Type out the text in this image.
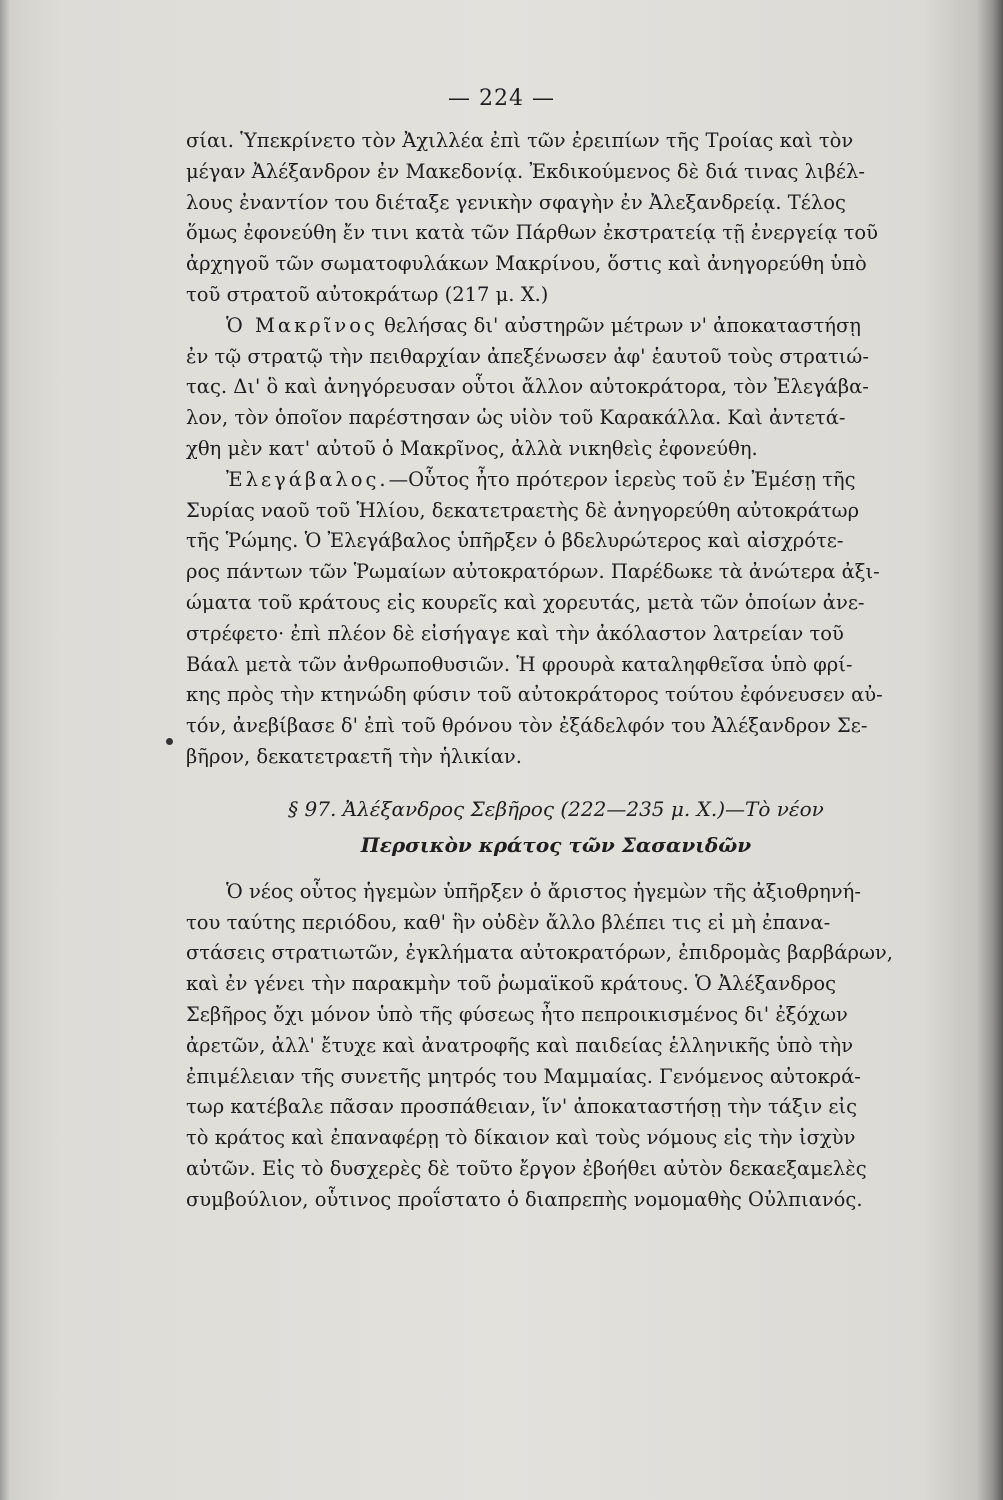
— 224 —
σίαι. Ὑπεκρίνετο τὸν Ἀχιλλέα ἐπὶ τῶν ἐρειπίων τῆς Τροίας καὶ τὸν
μέγαν Ἀλέξανδρον ἐν Μακεδονίᾳ. Ἐκδικούμενος δὲ διά τινας λιβέλ-
λους ἐναντίον του διέταξε γενικὴν σφαγὴν ἐν Ἀλεξανδρείᾳ. Τέλος
ὅμως ἐφονεύθη ἔν τινι κατὰ τῶν Πάρθων ἐκστρατείᾳ τῇ ἐνεργείᾳ τοῦ
ἀρχηγοῦ τῶν σωματοφυλάκων Μακρίνου, ὅστις καὶ ἀνηγορεύθη ὑπὸ
τοῦ στρατοῦ αὐτοκράτωρ (217 μ. Χ.)
Ὁ Μακρῖνος θελήσας δι' αὐστηρῶν μέτρων ν' ἀποκαταστήσῃ
ἐν τῷ στρατῷ τὴν πειθαρχίαν ἀπεξένωσεν ἀφ' ἑαυτοῦ τοὺς στρατιώ-
τας. Δι' ὃ καὶ ἀνηγόρευσαν οὗτοι ἄλλον αὐτοκράτορα, τὸν Ἐλεγάβα-
λον, τὸν ὁποῖον παρέστησαν ὡς υἱὸν τοῦ Καρακάλλα. Καὶ ἀντετά-
χθη μὲν κατ' αὐτοῦ ὁ Μακρῖνος, ἀλλὰ νικηθεὶς ἐφονεύθη.
Ἐλεγάβαλος.—Οὗτος ἦτο πρότερον ἱερεὺς τοῦ ἐν Ἐμέσῃ τῆς
Συρίας ναοῦ τοῦ Ἡλίου, δεκατετραετὴς δὲ ἀνηγορεύθη αὐτοκράτωρ
τῆς Ῥώμης. Ὁ Ἐλεγάβαλος ὑπῆρξεν ὁ βδελυρώτερος καὶ αἰσχρότε-
ρος πάντων τῶν Ῥωμαίων αὐτοκρατόρων. Παρέδωκε τὰ ἀνώτερα ἀξι-
ώματα τοῦ κράτους εἰς κουρεῖς καὶ χορευτάς, μετὰ τῶν ὁποίων ἀνε-
στρέφετο· ἐπὶ πλέον δὲ εἰσήγαγε καὶ τὴν ἀκόλαστον λατρείαν τοῦ
Βάαλ μετὰ τῶν ἀνθρωποθυσιῶν. Ἡ φρουρὰ καταληφθεῖσα ὑπὸ φρί-
κης πρὸς τὴν κτηνώδη φύσιν τοῦ αὐτοκράτορος τούτου ἐφόνευσεν αὐ-
τόν, ἀνεβίβασε δ' ἐπὶ τοῦ θρόνου τὸν ἐξάδελφόν του Ἀλέξανδρον Σε-
βῆρον, δεκατετραετῆ τὴν ἡλικίαν.
§ 97. Ἀλέξανδρος Σεβῆρος (222—235 μ. Χ.)—Τὸ νέον
Περσικὸν κράτος τῶν Σασανιδῶν
Ὁ νέος οὗτος ἡγεμὼν ὑπῆρξεν ὁ ἄριστος ἡγεμὼν τῆς ἀξιοθρηνή-
του ταύτης περιόδου, καθ' ἣν οὐδὲν ἄλλο βλέπει τις εἰ μὴ ἐπανα-
στάσεις στρατιωτῶν, ἐγκλήματα αὐτοκρατόρων, ἐπιδρομὰς βαρβάρων,
καὶ ἐν γένει τὴν παρακμὴν τοῦ ῥωμαϊκοῦ κράτους. Ὁ Ἀλέξανδρος
Σεβῆρος ὄχι μόνον ὑπὸ τῆς φύσεως ἦτο πεπροικισμένος δι' ἐξόχων
ἀρετῶν, ἀλλ' ἔτυχε καὶ ἀνατροφῆς καὶ παιδείας ἑλληνικῆς ὑπὸ τὴν
ἐπιμέλειαν τῆς συνετῆς μητρός του Μαμμαίας. Γενόμενος αὐτοκρά-
τωρ κατέβαλε πᾶσαν προσπάθειαν, ἵν' ἀποκαταστήσῃ τὴν τάξιν εἰς
τὸ κράτος καὶ ἐπαναφέρῃ τὸ δίκαιον καὶ τοὺς νόμους εἰς τὴν ἰσχὺν
αὐτῶν. Εἰς τὸ δυσχερὲς δὲ τοῦτο ἔργον ἐβοήθει αὐτὸν δεκαεξαμελὲς
συμβούλιον, οὗτινος προΐστατο ὁ διαπρεπὴς νομομαθὴς Οὐλπιανός.
